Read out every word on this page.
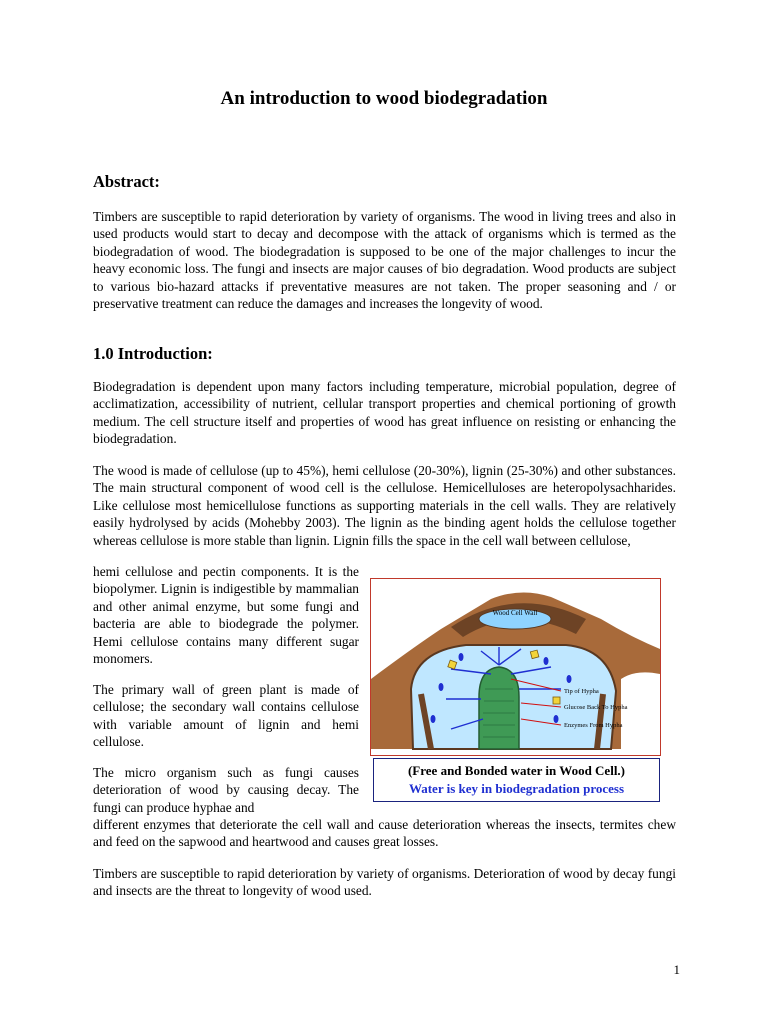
An introduction to wood biodegradation
Abstract:

Timbers are susceptible to rapid deterioration by variety of organisms. The wood in living trees and also in used products would start to decay and decompose with the attack of organisms which is termed as the biodegradation of wood. The biodegradation is supposed to be one of the major challenges to incur the heavy economic loss. The fungi and insects are major causes of bio degradation. Wood products are subject to various bio-hazard attacks if preventative measures are not taken. The proper seasoning and / or preservative treatment can reduce the damages and increases the longevity of wood.

1.0 Introduction:

Biodegradation is dependent upon many factors including temperature, microbial population, degree of acclimatization, accessibility of nutrient, cellular transport properties and chemical portioning of growth medium. The cell structure itself and properties of wood has great influence on resisting or enhancing the biodegradation.

The wood is made of cellulose (up to 45%), hemi cellulose (20-30%), lignin (25-30%) and other substances. The main structural component of wood cell is the cellulose. Hemicelluloses are heteropolysachharides. Like cellulose most hemicellulose functions as supporting materials in the cell walls. They are relatively easily hydrolysed by acids (Mohebby 2003). The lignin as the binding agent holds the cellulose together whereas cellulose is more stable than lignin. Lignin fills the space in the cell wall between cellulose,

hemi cellulose and pectin components. It is the biopolymer. Lignin is indigestible by mammalian and other animal enzyme, but some fungi and bacteria are able to biodegrade the polymer. Hemi cellulose contains many different sugar monomers.

The primary wall of green plant is made of cellulose; the secondary wall contains cellulose with variable amount of lignin and hemi cellulose.

The micro organism such as fungi causes deterioration of wood by causing decay. The fungi can produce hyphae and

different enzymes that deteriorate the cell wall and cause deterioration whereas the insects, termites chew and feed on the sapwood and heartwood and causes great losses.

Timbers are susceptible to rapid deterioration by variety of organisms. Deterioration of wood by decay fungi and insects are the threat to longevity of wood used.

Wood Cell Wall
Tip of Hypha
Glucose Back To Hypha
Enzymes From Hypha
(Free and Bonded water in Wood Cell.)
Water is key in biodegradation process
1
